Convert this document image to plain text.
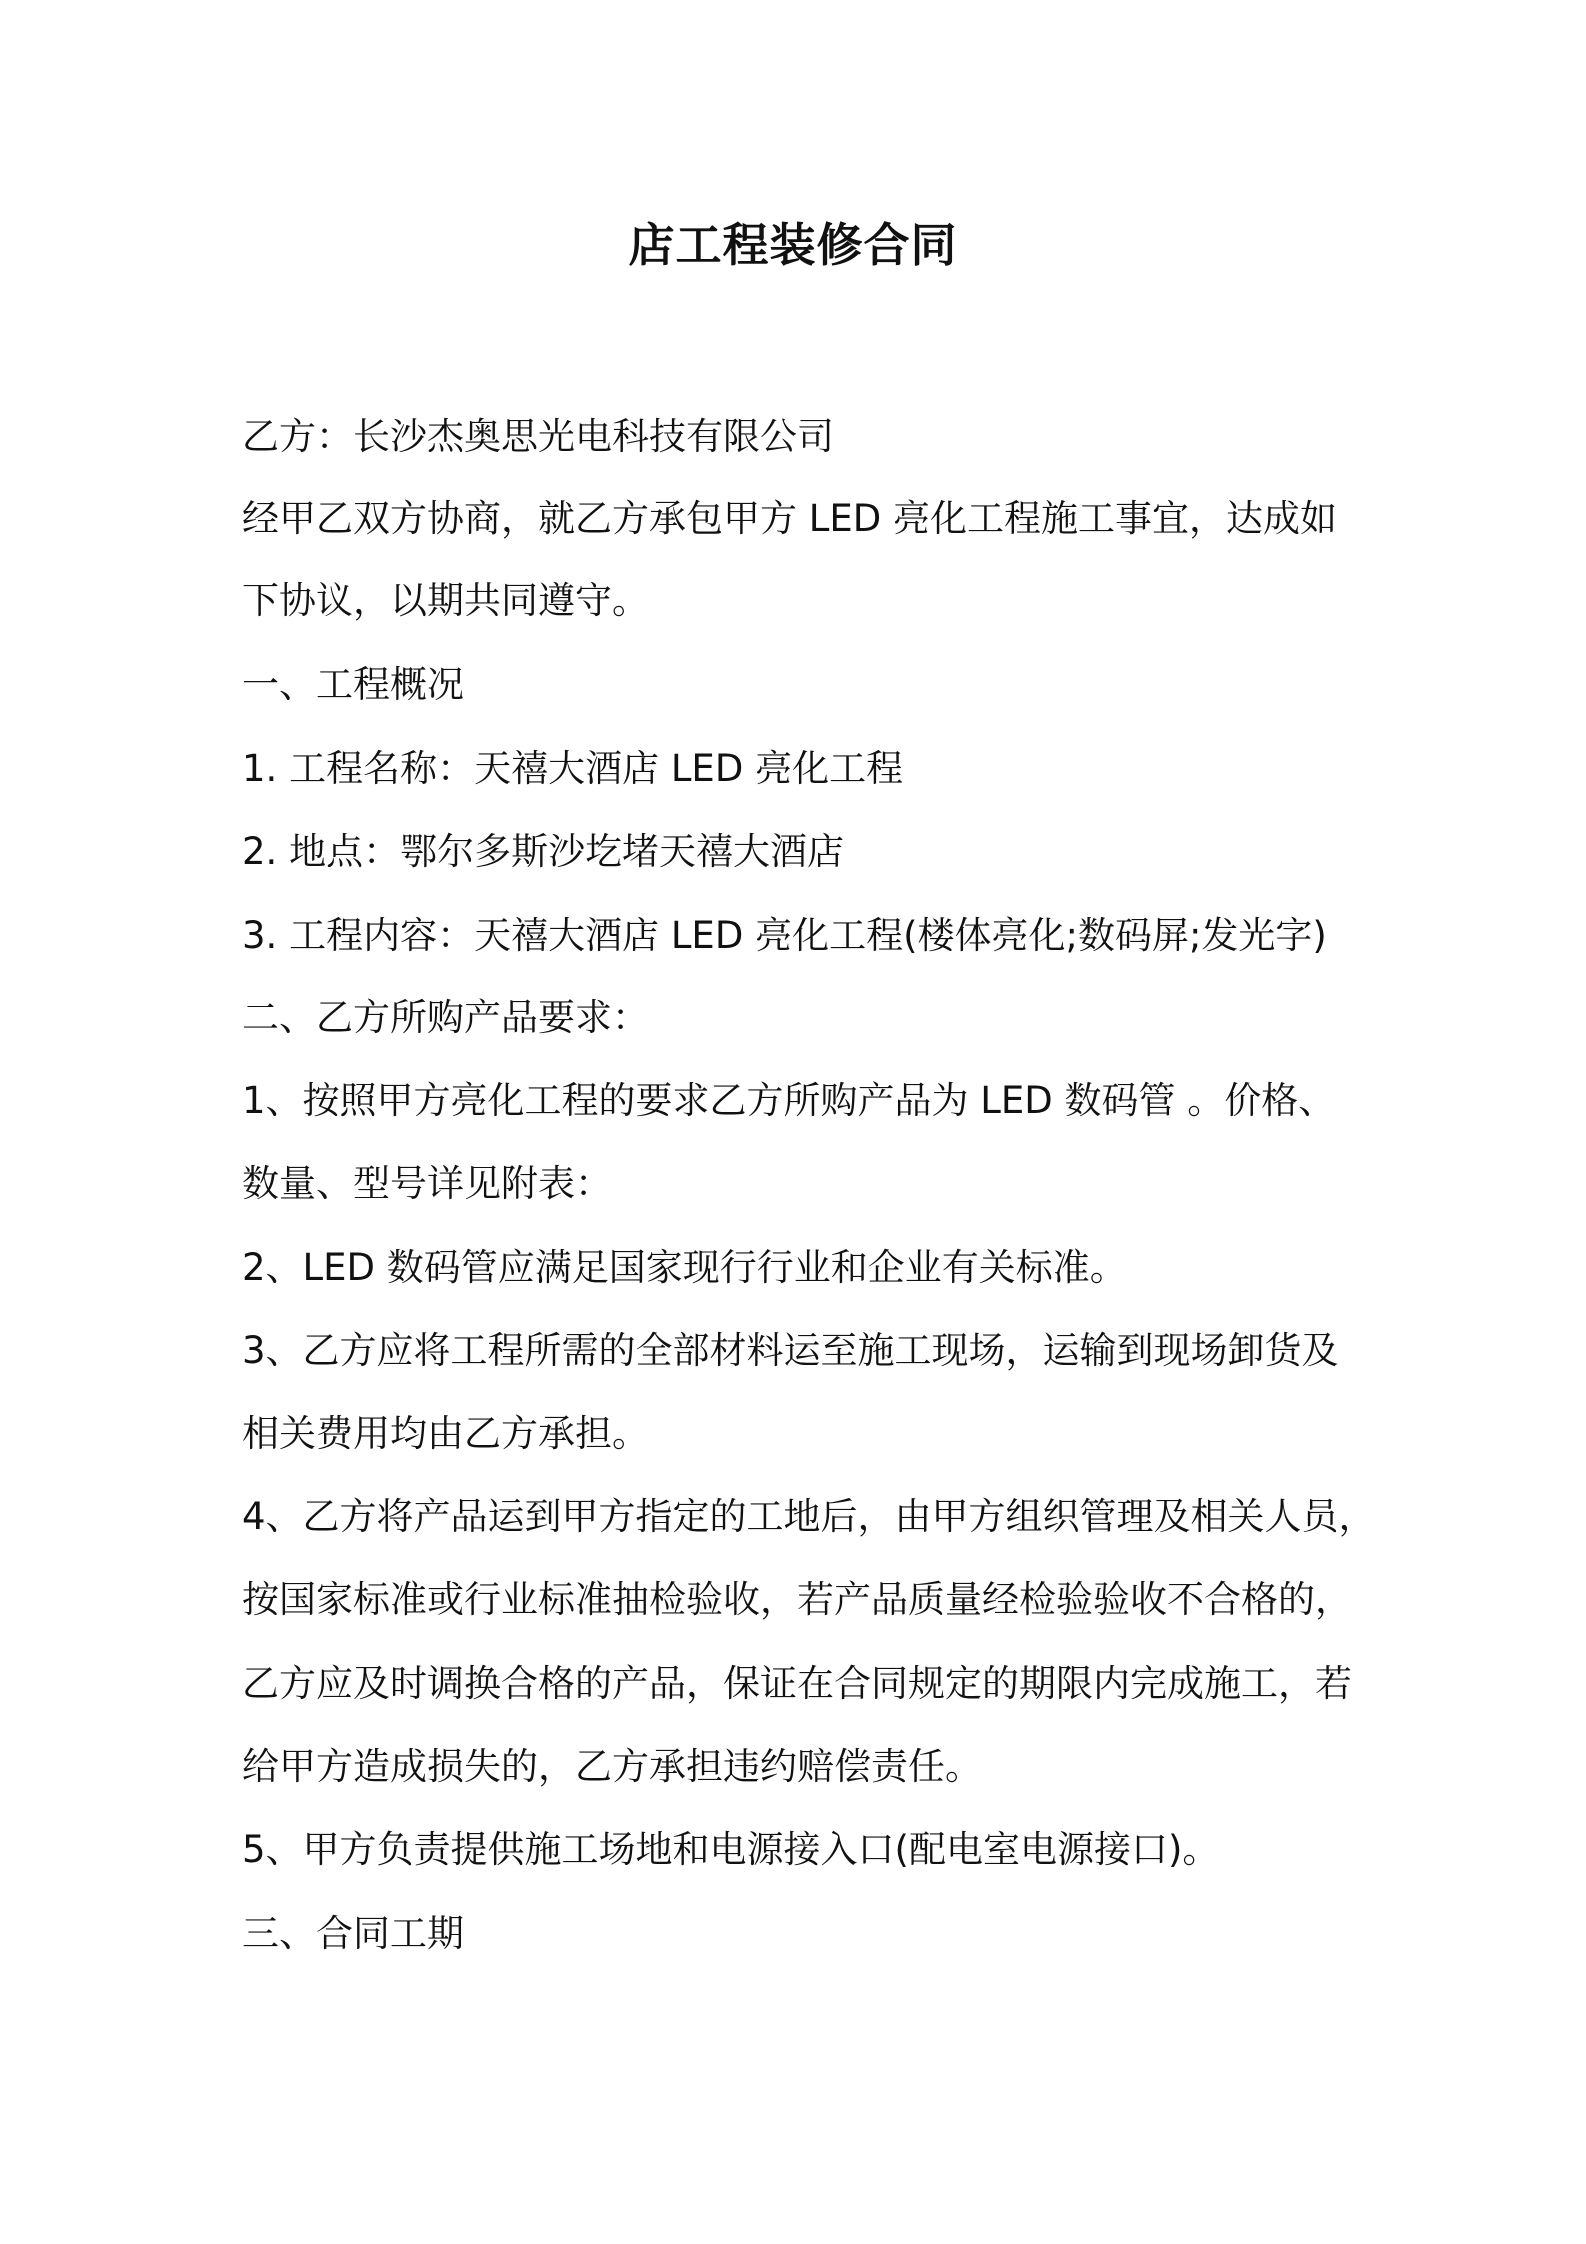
店工程装修合同
乙方：长沙杰奥思光电科技有限公司
经甲乙双方协商，就乙方承包甲方 LED 亮化工程施工事宜，达成如
下协议，以期共同遵守。
一、工程概况
1. 工程名称：天禧大酒店 LED 亮化工程
2. 地点：鄂尔多斯沙圪堵天禧大酒店
3. 工程内容：天禧大酒店 LED 亮化工程(楼体亮化;数码屏;发光字)
二、乙方所购产品要求：
1、按照甲方亮化工程的要求乙方所购产品为 LED 数码管 。价格、
数量、型号详见附表：
2、LED 数码管应满足国家现行行业和企业有关标准。
3、乙方应将工程所需的全部材料运至施工现场，运输到现场卸货及
相关费用均由乙方承担。
4、乙方将产品运到甲方指定的工地后，由甲方组织管理及相关人员，
按国家标准或行业标准抽检验收，若产品质量经检验验收不合格的，
乙方应及时调换合格的产品，保证在合同规定的期限内完成施工，若
给甲方造成损失的，乙方承担违约赔偿责任。
5、甲方负责提供施工场地和电源接入口(配电室电源接口)。
三、合同工期
